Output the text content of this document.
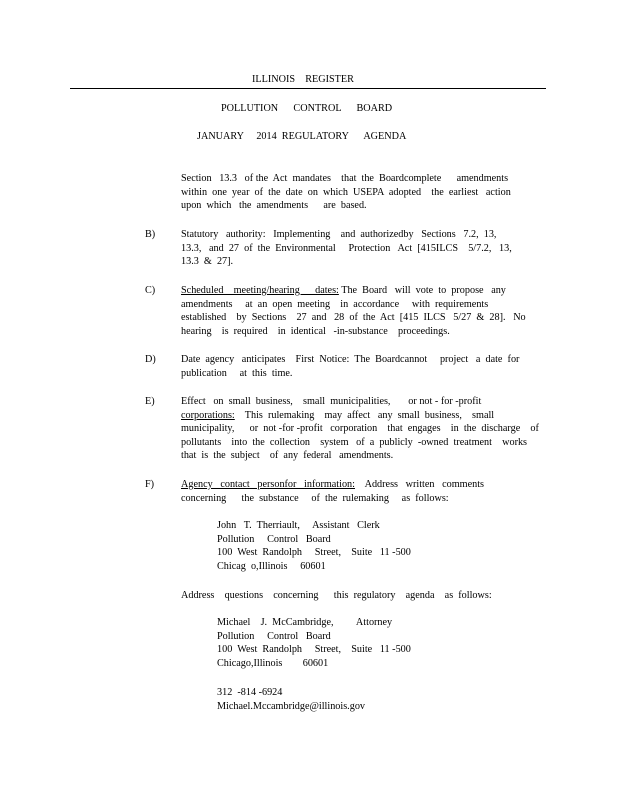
ILLINOIS    REGISTER
POLLUTION      CONTROL      BOARD
JANUARY     2014  REGULATORY      AGENDA
Section   13.3   of the  Act  mandates    that  the  Boardcomplete      amendments
within  one  year  of  the  date  on  which  USEPA  adopted    the  earliest   action
upon  which   the  amendments      are  based.
B)	Statutory   authority:   Implementing    and  authorizedby   Sections   7.2,  13,
13.3,   and  27  of  the  Environmental     Protection   Act  [415ILCS    5/7.2,   13,
13.3  &  27].
C)	Scheduled    meeting/hearing      dates: The  Board   will  vote  to  propose   any
amendments     at  an  open  meeting    in  accordance     with  requirements
established    by  Sections    27  and   28  of  the  Act  [415  ILCS   5/27  &  28].   No
hearing    is  required    in  identical   -in-substance    proceedings.
D) Date  agency   anticipates    First  Notice:  The  Boardcannot     project   a  date  for
publication     at  this  time.
E)	Effect   on  small  business,    small  municipalities,       or not - for -profit
corporations:    This  rulemaking    may  affect   any  small  business,    small
municipality,      or  not -for -profit   corporation    that  engages    in  the  discharge    of
pollutants    into  the  collection    system   of  a  publicly  -owned  treatment    works
that  is  the  subject    of  any  federal   amendments.
F)	Agency   contact   personfor   information:    Address   written   comments
concerning      the  substance     of  the  rulemaking     as  follows:
John   T.  Therriault,     Assistant   Clerk
Pollution     Control   Board
100  West  Randolph     Street,    Suite   11 -500
Chicag  o,Illinois     60601
Address    questions    concerning      this  regulatory    agenda    as  follows:
Michael    J.  McCambridge,         Attorney
Pollution     Control   Board
100  West  Randolph     Street,    Suite   11 -500
Chicago,Illinois        60601
312  -814 -6924
Michael.Mccambridge@illinois.gov
